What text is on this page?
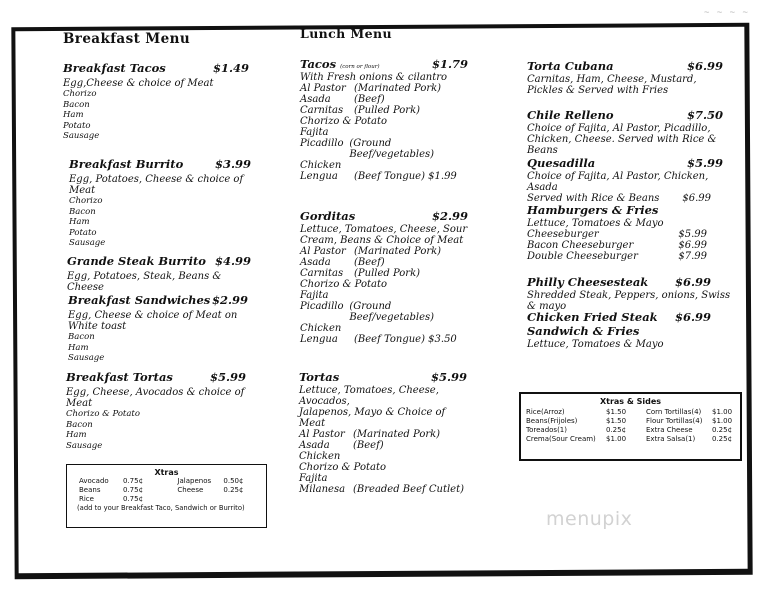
~ ~ ~ ~
Breakfast Menu
Breakfast Tacos	$1.49
Egg,Cheese & choice of Meat
Chorizo
Bacon
Ham
Potato
Sausage
Breakfast Burrito	$3.99
Egg, Potatoes, Cheese & choice of Meat
Chorizo
Bacon
Ham
Potato
Sausage
Grande Steak Burrito $4.99
Egg, Potatoes, Steak, Beans & Cheese
Breakfast Sandwiches $2.99
Egg, Cheese & choice of Meat on White toast
Bacon
Ham
Sausage
Breakfast Tortas	$5.99
Egg, Cheese, Avocados & choice of Meat
Chorizo & Potato
Bacon
Ham
Sausage
Xtras
Avocado	0.75¢
Beans	0.75¢
Rice	0.75¢
Jalapenos	0.50¢
Cheese	0.25¢
(add to your Breakfast Taco, Sandwich or Burrito)
Lunch Menu
Tacos (corn or flour)	$1.79
With Fresh onions & cilantro
Al Pastor (Marinated Pork)
Asada	(Beef)
Carnitas	(Pulled Pork)
Chorizo & Potato
Fajita
Picadillo (Ground Beef/vegetables)
Chicken
Lengua	(Beef Tongue) $1.99
Gorditas	$2.99
Lettuce, Tomatoes, Cheese, Sour
Cream, Beans & Choice of Meat
Al Pastor (Marinated Pork)
Asada	(Beef)
Carnitas	(Pulled Pork)
Chorizo & Potato
Fajita
Picadillo (Ground Beef/vegetables)
Chicken
Lengua	(Beef Tongue) $3.50
Tortas	$5.99
Lettuce, Tomatoes, Cheese, Avocados,
Jalapenos, Mayo & Choice of Meat
Al Pastor (Marinated Pork)
Asada	(Beef)
Chicken
Chorizo & Potato
Fajita
Milanesa (Breaded Beef Cutlet)
Torta Cubana	$6.99
Carnitas, Ham, Cheese, Mustard,
Pickles & Served with Fries
Chile Relleno	$7.50
Choice of Fajita, Al Pastor, Picadillo,
Chicken, Cheese. Served with Rice & Beans
Quesadilla	$5.99
Choice of Fajita, Al Pastor, Chicken, Asada
Served with Rice & Beans $6.99
Hamburgers & Fries
Lettuce, Tomatoes & Mayo
Cheeseburger	$5.99
Bacon Cheeseburger	$6.99
Double Cheeseburger	$7.99
Philly Cheesesteak $6.99
Shredded Steak, Peppers, onions, Swiss & mayo
Chicken Fried Steak $6.99
Sandwich & Fries
Lettuce, Tomatoes & Mayo
Xtras & Sides
Rice(Arroz)	$1.50	Corn Tortillas(4)	$1.00
Beans(Frijoles)	$1.50	Flour Tortillas(4)	$1.00
Toreados(1)	0.25¢	Extra Cheese	0.25¢
Crema(Sour Cream)	$1.00	Extra Salsa(1)	0.25¢
menupix
